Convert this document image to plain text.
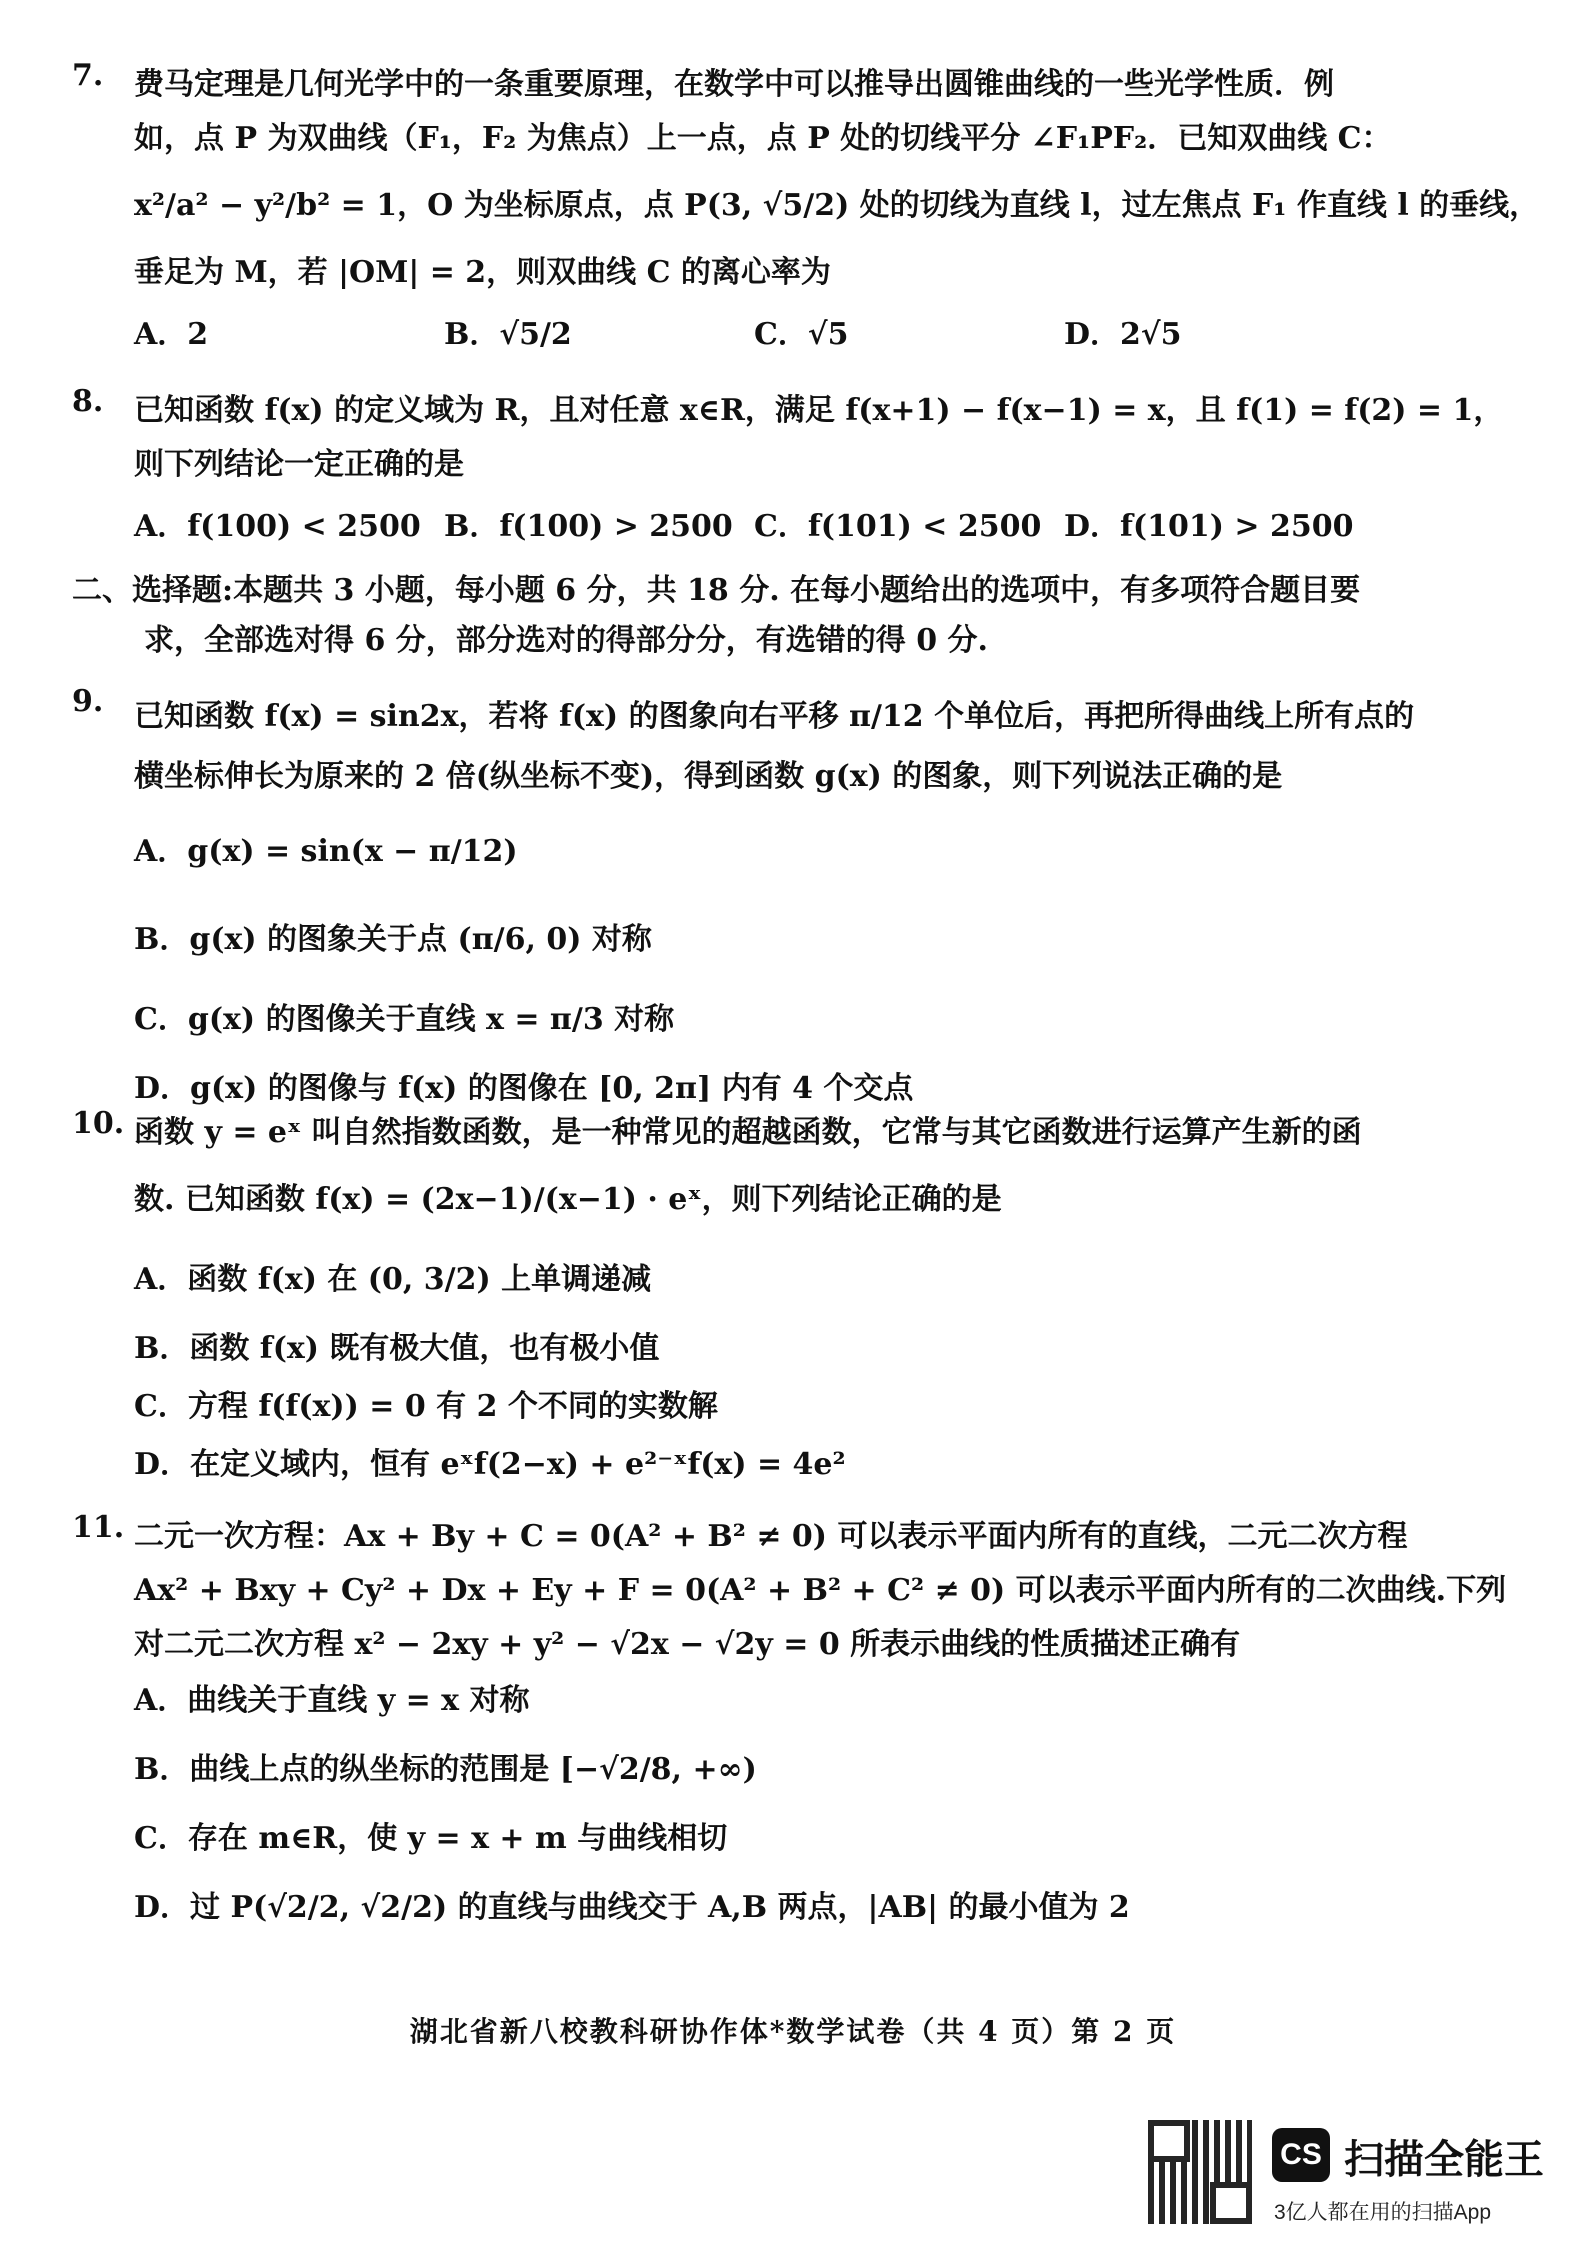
7. 费马定理是几何光学中的一条重要原理，在数学中可以推导出圆锥曲线的一些光学性质．例
如，点 P 为双曲线（F₁，F₂ 为焦点）上一点，点 P 处的切线平分 ∠F₁PF₂．已知双曲线 C：
x²/a² − y²/b² = 1，O 为坐标原点，点 P(3, √5/2) 处的切线为直线 l，过左焦点 F₁ 作直线 l 的垂线，
垂足为 M，若 |OM| = 2，则双曲线 C 的离心率为
A．2	B．√5/2	C．√5	D．2√5
8. 已知函数 f(x) 的定义域为 R，且对任意 x∈R，满足 f(x+1) − f(x−1) = x，且 f(1) = f(2) = 1，
则下列结论一定正确的是
A．f(100) < 2500 B．f(100) > 2500 C．f(101) < 2500 D．f(101) > 2500
二、选择题:本题共 3 小题，每小题 6 分，共 18 分. 在每小题给出的选项中，有多项符合题目要
求，全部选对得 6 分，部分选对的得部分分，有选错的得 0 分.
9. 已知函数 f(x) = sin2x，若将 f(x) 的图象向右平移 π/12 个单位后，再把所得曲线上所有点的
横坐标伸长为原来的 2 倍(纵坐标不变)，得到函数 g(x) 的图象，则下列说法正确的是
A．g(x) = sin(x − π/12)
B．g(x) 的图象关于点 (π/6, 0) 对称
C．g(x) 的图像关于直线 x = π/3 对称
D．g(x) 的图像与 f(x) 的图像在 [0, 2π] 内有 4 个交点
10. 函数 y = eˣ 叫自然指数函数，是一种常见的超越函数，它常与其它函数进行运算产生新的函
数. 已知函数 f(x) = (2x−1)/(x−1) · eˣ，则下列结论正确的是
A．函数 f(x) 在 (0, 3/2) 上单调递减
B．函数 f(x) 既有极大值，也有极小值
C．方程 f(f(x)) = 0 有 2 个不同的实数解
D．在定义域内，恒有 eˣf(2−x) + e²⁻ˣf(x) = 4e²
11. 二元一次方程：Ax + By + C = 0(A² + B² ≠ 0) 可以表示平面内所有的直线，二元二次方程
Ax² + Bxy + Cy² + Dx + Ey + F = 0(A² + B² + C² ≠ 0) 可以表示平面内所有的二次曲线.下列
对二元二次方程 x² − 2xy + y² − √2x − √2y = 0 所表示曲线的性质描述正确有
A．曲线关于直线 y = x 对称
B．曲线上点的纵坐标的范围是 [−√2/8, +∞)
C．存在 m∈R，使 y = x + m 与曲线相切
D．过 P(√2/2, √2/2) 的直线与曲线交于 A,B 两点，|AB| 的最小值为 2
湖北省新八校教科研协作体*数学试卷（共 4 页）第 2 页
CS 扫描全能王
3亿人都在用的扫描App
